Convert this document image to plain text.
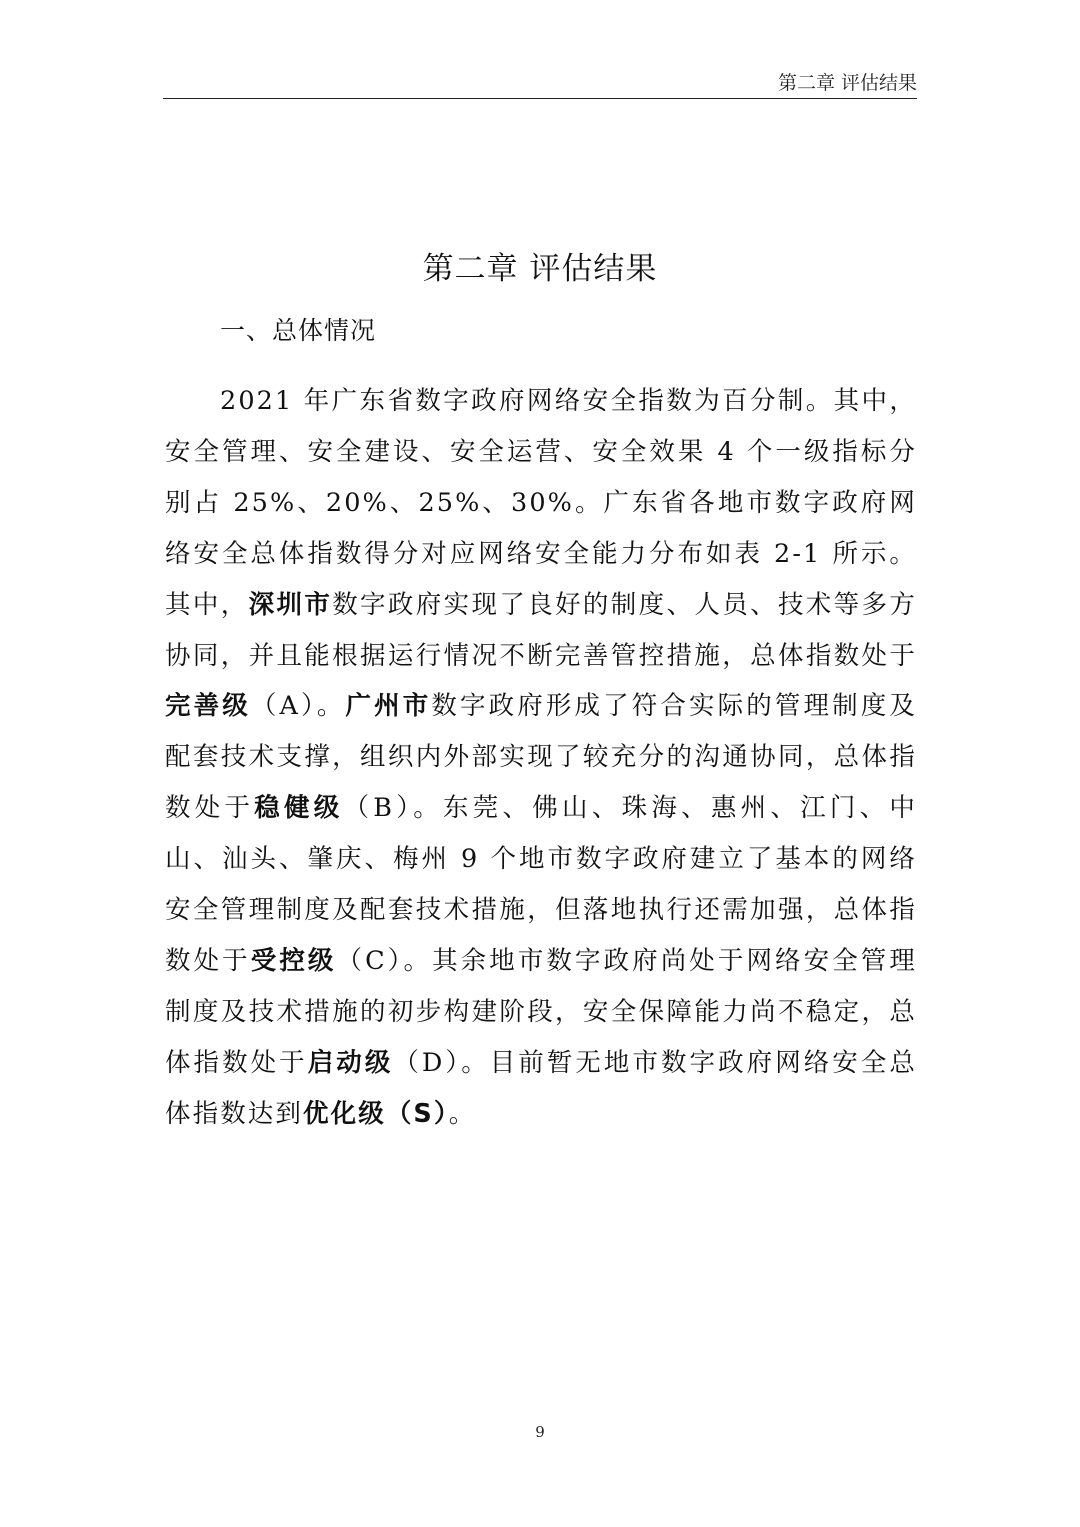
第二章 评估结果
第二章 评估结果
一、总体情况

2021 年广东省数字政府网络安全指数为百分制。其中，安全管理、安全建设、安全运营、安全效果 4 个一级指标分别占 25%、20%、25%、30%。广东省各地市数字政府网络安全总体指数得分对应网络安全能力分布如表 2-1 所示。其中，深圳市数字政府实现了良好的制度、人员、技术等多方协同，并且能根据运行情况不断完善管控措施，总体指数处于完善级（A）。广州市数字政府形成了符合实际的管理制度及配套技术支撑，组织内外部实现了较充分的沟通协同，总体指数处于稳健级（B）。东莞、佛山、珠海、惠州、江门、中山、汕头、肇庆、梅州 9 个地市数字政府建立了基本的网络安全管理制度及配套技术措施，但落地执行还需加强，总体指数处于受控级（C）。其余地市数字政府尚处于网络安全管理制度及技术措施的初步构建阶段，安全保障能力尚不稳定，总体指数处于启动级（D）。目前暂无地市数字政府网络安全总体指数达到优化级（S）。

9
